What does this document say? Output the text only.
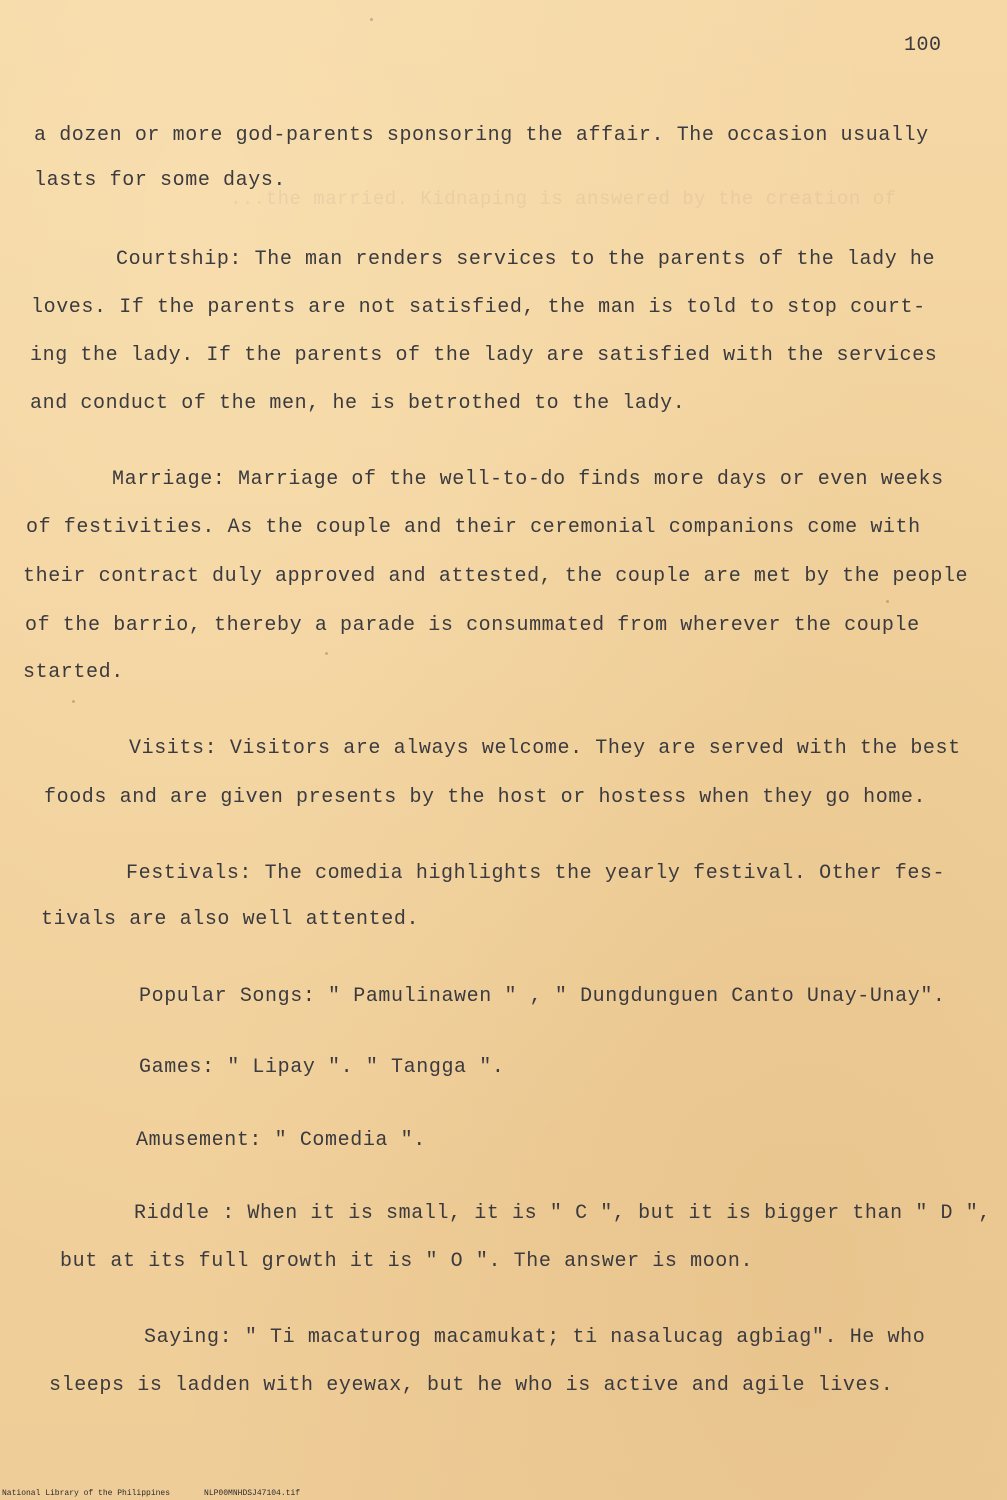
...the married. Kidnaping is answered by the creation of
100
a dozen or more god-parents sponsoring the affair. The occasion usually
lasts for some days.
Courtship: The man renders services to the parents of the lady he
loves. If the parents are not satisfied, the man is told to stop court-
ing the lady. If the parents of the lady are satisfied with the services
and conduct of the men, he is betrothed to the lady.
Marriage: Marriage of the well-to-do finds more days or even weeks
of festivities. As the couple and their ceremonial companions come with
their contract duly approved and attested, the couple are met by the people
of the barrio, thereby a parade is consummated from wherever the couple
started.
Visits: Visitors are always welcome. They are served with the best
foods and are given presents by the host or hostess when they go home.
Festivals: The comedia highlights the yearly festival. Other fes-
tivals are also well attented.
Popular Songs: " Pamulinawen " , " Dungdunguen Canto Unay-Unay".
Games: " Lipay ". " Tangga ".
Amusement: " Comedia ".
Riddle : When it is small, it is " C ", but it is bigger than " D ",
but at its full growth it is " O ". The answer is moon.
Saying: " Ti macaturog macamukat; ti nasalucag agbiag". He who
sleeps is ladden with eyewax, but he who is active and agile lives.
National Library of the Philippines	NLP00MNHDSJ47104.tif
